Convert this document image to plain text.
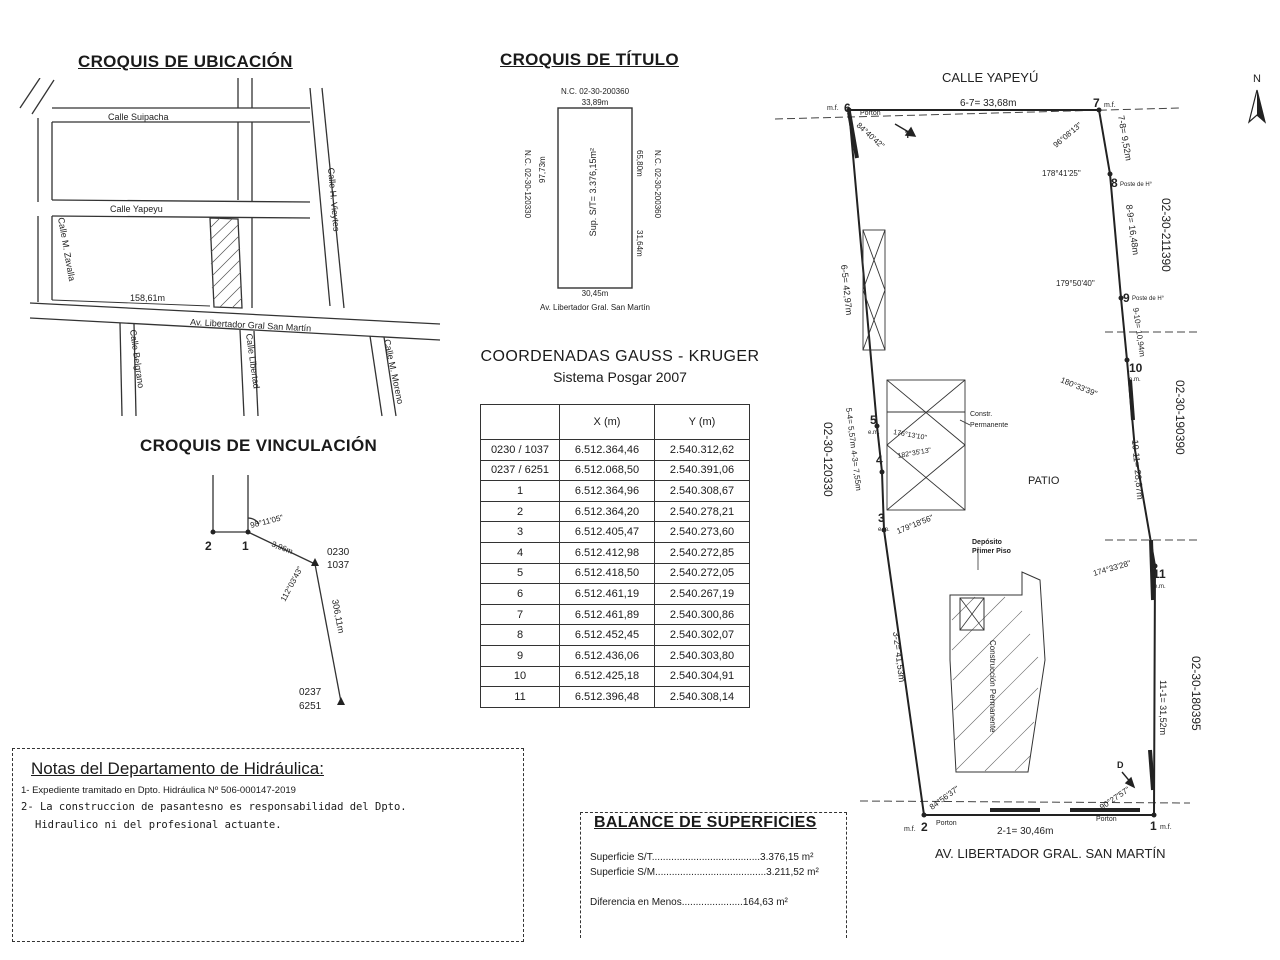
CROQUIS DE UBICACIÓN
Calle Suipacha
Calle Yapeyu
Av. Libertador Gral San Martín
158,61m
Calle H. Vieytes
Calle M. Zavalla
Calle Belgrano	Calle Libertad	Calle M. Moreno
CROQUIS DE TÍTULO
N.C. 02-30-200360
33,89m
N.C. 02-30-120330 97,73m	Sup. S/T= 3.376,15m²	65,80m
31,64m
N.C. 02-30-200360
30,45m
Av. Libertador Gral. San Martín
COORDENADAS GAUSS - KRUGER
Sistema Posgar 2007
	X (m)	Y (m)
0230 / 1037	6.512.364,46	2.540.312,62
0237 / 6251	6.512.068,50	2.540.391,06
1	6.512.364,96	2.540.308,67
2	6.512.364,20	2.540.278,21
3	6.512.405,47	2.540.273,60
4	6.512.412,98	2.540.272,85
5	6.512.418,50	2.540.272,05
6	6.512.461,19	2.540.267,19
7	6.512.461,89	2.540.300,86
8	6.512.452,45	2.540.302,07
9	6.512.436,06	2.540.303,80
10	6.512.425,18	2.540.304,91
11	6.512.396,48	2.540.308,14
CROQUIS DE VINCULACIÓN
2	1
98°11'05"
3,96m	0230
1037
112°03'43"
306,11m
0237
6251
Notas del Departamento de Hidráulica:
1- Expediente tramitado en Dpto. Hidráulica Nº 506-000147-2019
2- La construccion de pasantesno es responsabilidad del Dpto.
Hidraulico ni del profesional actuante.	BALANCE DE SUPERFICIES
Superficie S/T.......................................3.376,15 m²
Superficie S/M........................................3.211,52 m²
Diferencia en Menos......................164,63 m²
N
CALLE YAPEYÚ
AV. LIBERTADOR GRAL. SAN MARTÍN
m.f. 6 Porton
6-7= 33,68m	7 m.f.
84°40'42" T	96°08'13"	7-8= 9,52m
178°41'25"
8 Poste de H°
02-30-211390
8-9= 16,48m
179°50'40"
9 Poste de H°
9-10= 10,94m
180°33'39"
10
e.m.	02-30-190390
6-5= 42,97m
5
e.m. 176°13'10"
4 182°35'13"
5-4= 5,57m 4-3= 7,55m	Constr.
Permanente
PATIO
02-30-120330	10-11= 28,87m
3
e.m. 179°18'56"
Depósito
Primer Piso
174°33'28" 11
e.m.
02-30-180395
Construcción Permanente
3-2= 41,53m
11-1= 31,52m
D
90°27'57"
84°56'37"
m.f. 2 Porton
2-1= 30,46m
Porton	1 m.f.
